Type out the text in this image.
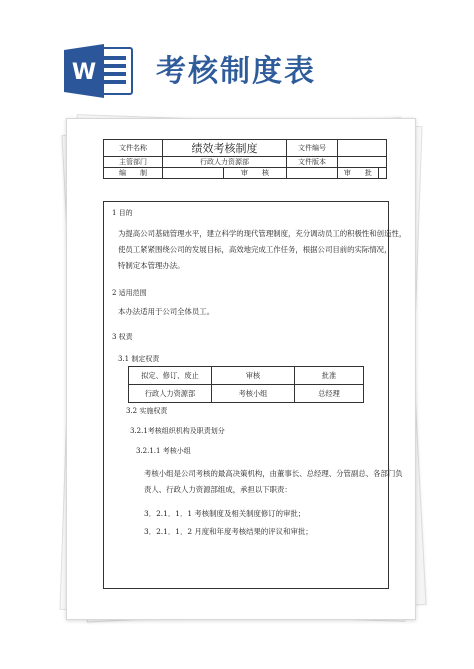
W 考核制度表
文件名称	绩效考核制度		文件编号		
主管部门	行政人力资源部		文件版本		
编　　制		审　　核		审　　批	
1 目的
为提高公司基础管理水平，建立科学的现代管理制度，充分调动员工的积极性和创造性，
使员工紧紧围绕公司的发展目标，高效地完成工作任务，根据公司目前的实际情况，
特制定本管理办法。
2 适用范围
本办法适用于公司全体员工。
3 权责
3.1 制定权责
拟定、修订、废止	审核	批准
行政人力资源部	考核小组	总经理
3.2 实施权责
3.2.1考核组织机构及职责划分
3.2.1.1 考核小组
考核小组是公司考核的最高决策机构，由董事长、总经理、分管副总、各部门负
责人、行政人力资源部组成，承担以下职责：
3．2.1．1．1 考核制度及相关制度修订的审批；
3．2.1．1．2 月度和年度考核结果的评议和审批；
